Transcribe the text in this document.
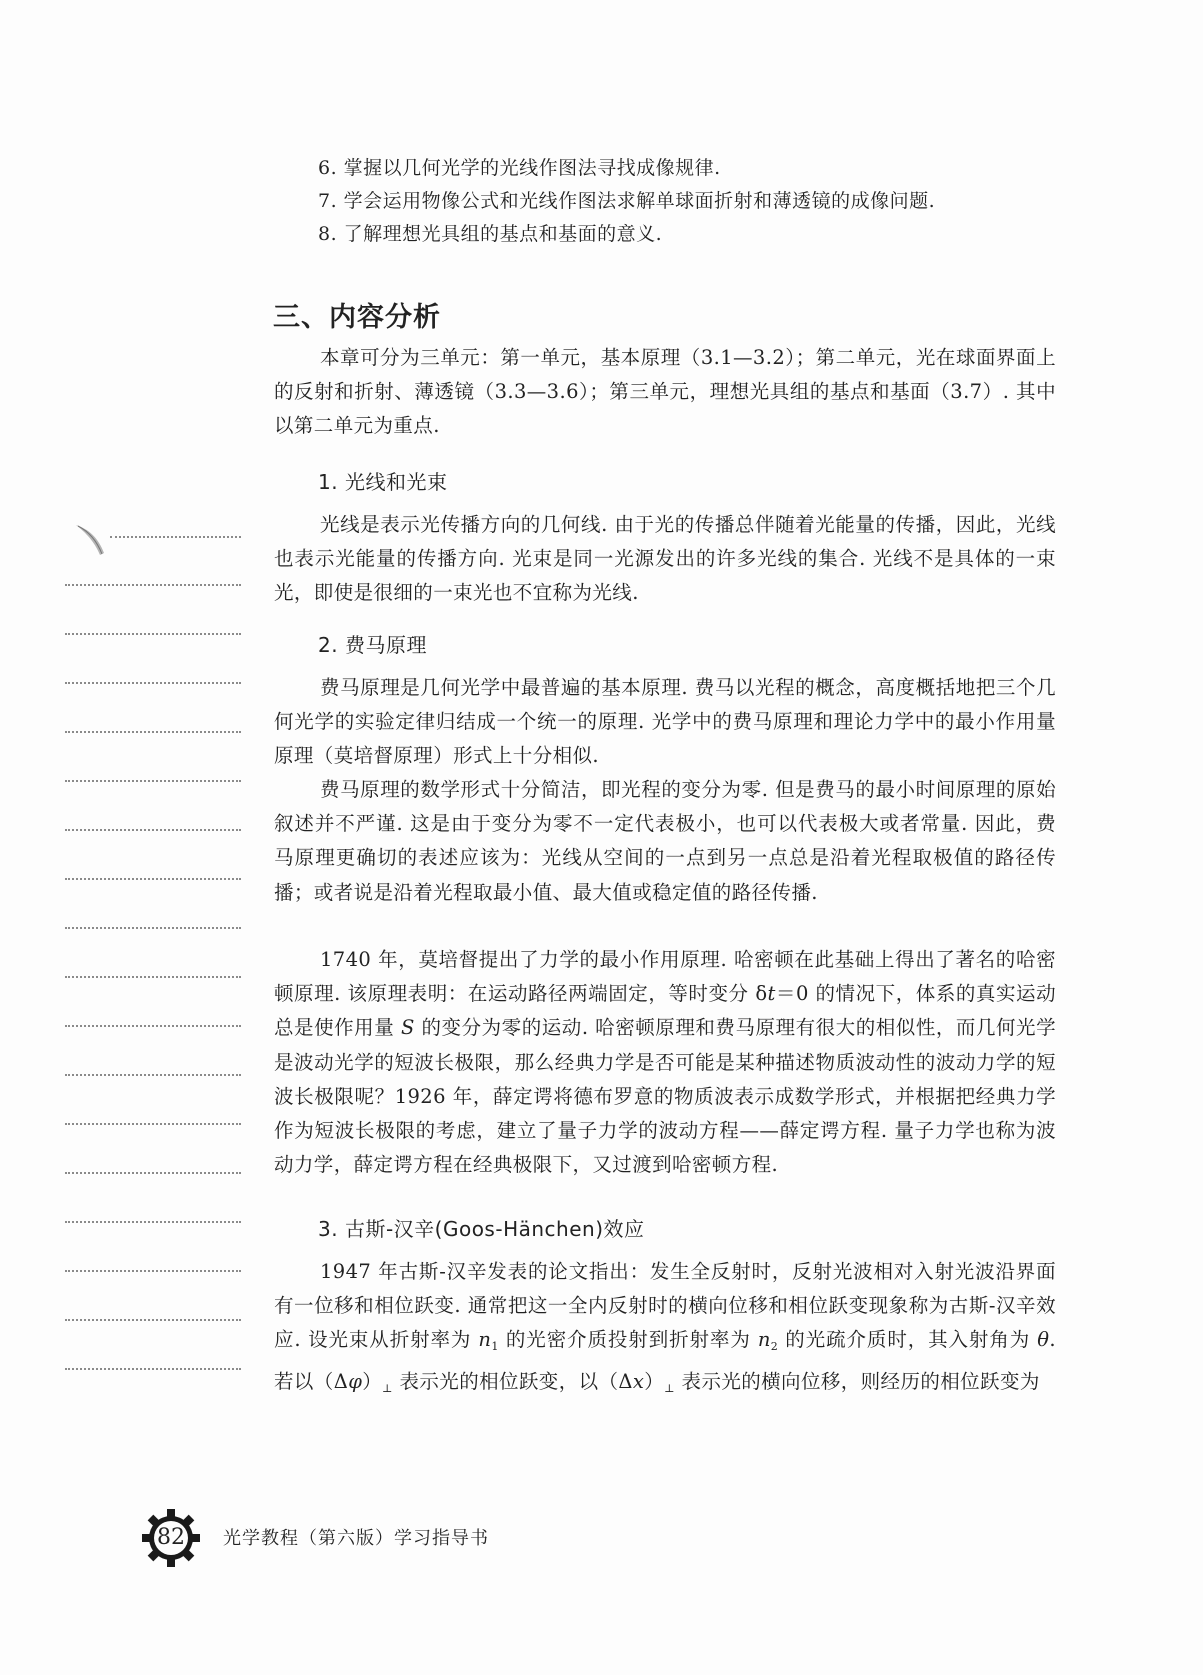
6. 掌握以几何光学的光线作图法寻找成像规律.
7. 学会运用物像公式和光线作图法求解单球面折射和薄透镜的成像问题.
8. 了解理想光具组的基点和基面的意义.
三、内容分析
本章可分为三单元：第一单元，基本原理（3.1—3.2）；第二单元，光在球面界面上的反射和折射、薄透镜（3.3—3.6）；第三单元，理想光具组的基点和基面（3.7）. 其中以第二单元为重点.
1. 光线和光束
光线是表示光传播方向的几何线. 由于光的传播总伴随着光能量的传播，因此，光线也表示光能量的传播方向. 光束是同一光源发出的许多光线的集合. 光线不是具体的一束光，即使是很细的一束光也不宜称为光线.
2. 费马原理
费马原理是几何光学中最普遍的基本原理. 费马以光程的概念，高度概括地把三个几何光学的实验定律归结成一个统一的原理. 光学中的费马原理和理论力学中的最小作用量原理（莫培督原理）形式上十分相似.
费马原理的数学形式十分简洁，即光程的变分为零. 但是费马的最小时间原理的原始叙述并不严谨. 这是由于变分为零不一定代表极小，也可以代表极大或者常量. 因此，费马原理更确切的表述应该为：光线从空间的一点到另一点总是沿着光程取极值的路径传播；或者说是沿着光程取最小值、最大值或稳定值的路径传播.
1740 年，莫培督提出了力学的最小作用原理. 哈密顿在此基础上得出了著名的哈密顿原理. 该原理表明：在运动路径两端固定，等时变分 δt＝0 的情况下，体系的真实运动总是使作用量 S 的变分为零的运动. 哈密顿原理和费马原理有很大的相似性，而几何光学是波动光学的短波长极限，那么经典力学是否可能是某种描述物质波动性的波动力学的短波长极限呢？1926 年，薛定谔将德布罗意的物质波表示成数学形式，并根据把经典力学作为短波长极限的考虑，建立了量子力学的波动方程——薛定谔方程. 量子力学也称为波动力学，薛定谔方程在经典极限下，又过渡到哈密顿方程.
3. 古斯-汉辛(Goos-Hänchen)效应
1947 年古斯-汉辛发表的论文指出：发生全反射时，反射光波相对入射光波沿界面有一位移和相位跃变. 通常把这一全内反射时的横向位移和相位跃变现象称为古斯-汉辛效应. 设光束从折射率为 $n_1$ 的光密介质投射到折射率为 $n_2$ 的光疏介质时，其入射角为 θ. 若以$(\Delta\varphi)_\perp$ 表示光的相位跃变，以$(\Delta x)_\perp$ 表示光的横向位移，则经历的相位跃变为
82	光学教程（第六版）学习指导书
